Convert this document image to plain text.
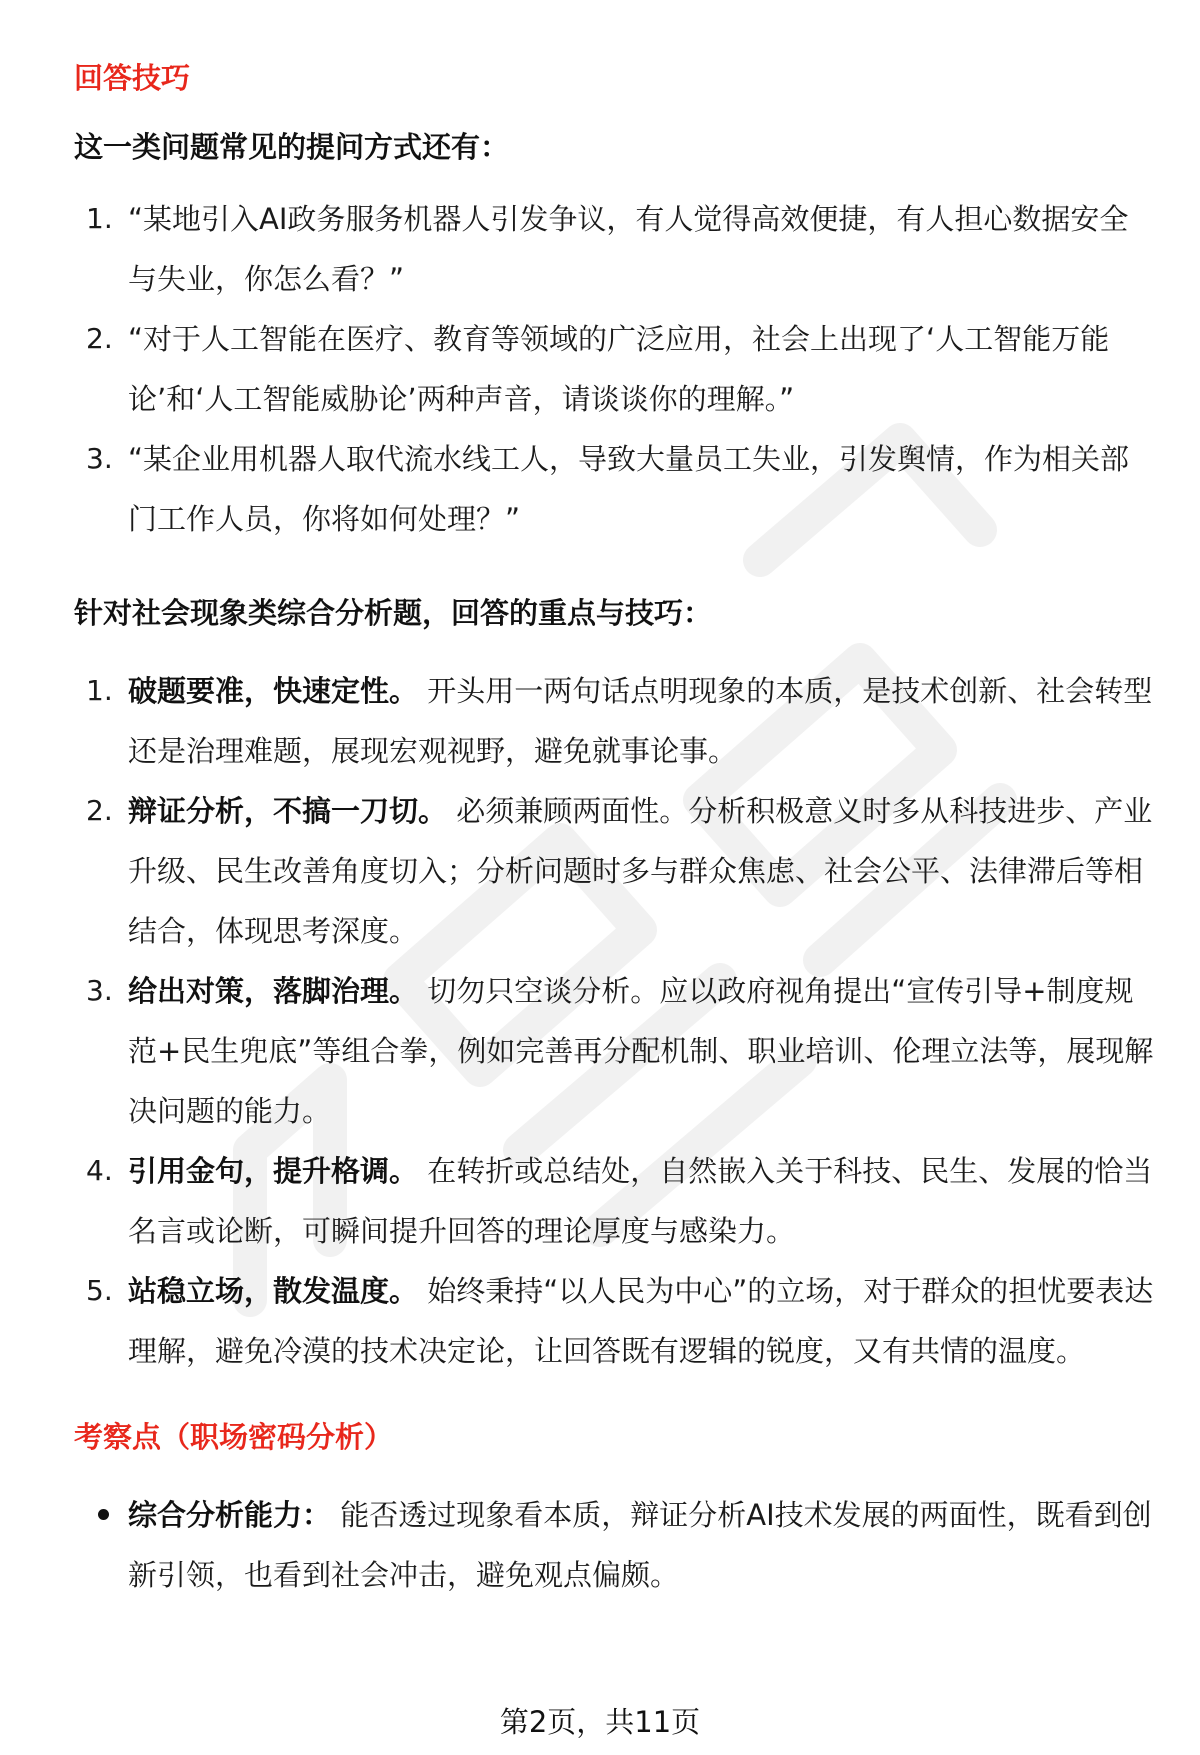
回答技巧
这一类问题常见的提问方式还有：
1. “某地引入AI政务服务机器人引发争议，有人觉得高效便捷，有人担心数据安全与失业，你怎么看？”
2. “对于人工智能在医疗、教育等领域的广泛应用，社会上出现了‘人工智能万能论’和‘人工智能威胁论’两种声音，请谈谈你的理解。”
3. “某企业用机器人取代流水线工人，导致大量员工失业，引发舆情，作为相关部门工作人员，你将如何处理？”
针对社会现象类综合分析题，回答的重点与技巧：
1. 破题要准，快速定性。 开头用一两句话点明现象的本质，是技术创新、社会转型还是治理难题，展现宏观视野，避免就事论事。
2. 辩证分析，不搞一刀切。 必须兼顾两面性。分析积极意义时多从科技进步、产业升级、民生改善角度切入；分析问题时多与群众焦虑、社会公平、法律滞后等相结合，体现思考深度。
3. 给出对策，落脚治理。 切勿只空谈分析。应以政府视角提出“宣传引导+制度规范+民生兜底”等组合拳，例如完善再分配机制、职业培训、伦理立法等，展现解决问题的能力。
4. 引用金句，提升格调。 在转折或总结处，自然嵌入关于科技、民生、发展的恰当名言或论断，可瞬间提升回答的理论厚度与感染力。
5. 站稳立场，散发温度。 始终秉持“以人民为中心”的立场，对于群众的担忧要表达理解，避免冷漠的技术决定论，让回答既有逻辑的锐度，又有共情的温度。
考察点（职场密码分析）
综合分析能力： 能否透过现象看本质，辩证分析AI技术发展的两面性，既看到创新引领，也看到社会冲击，避免观点偏颇。
第2页，共11页
